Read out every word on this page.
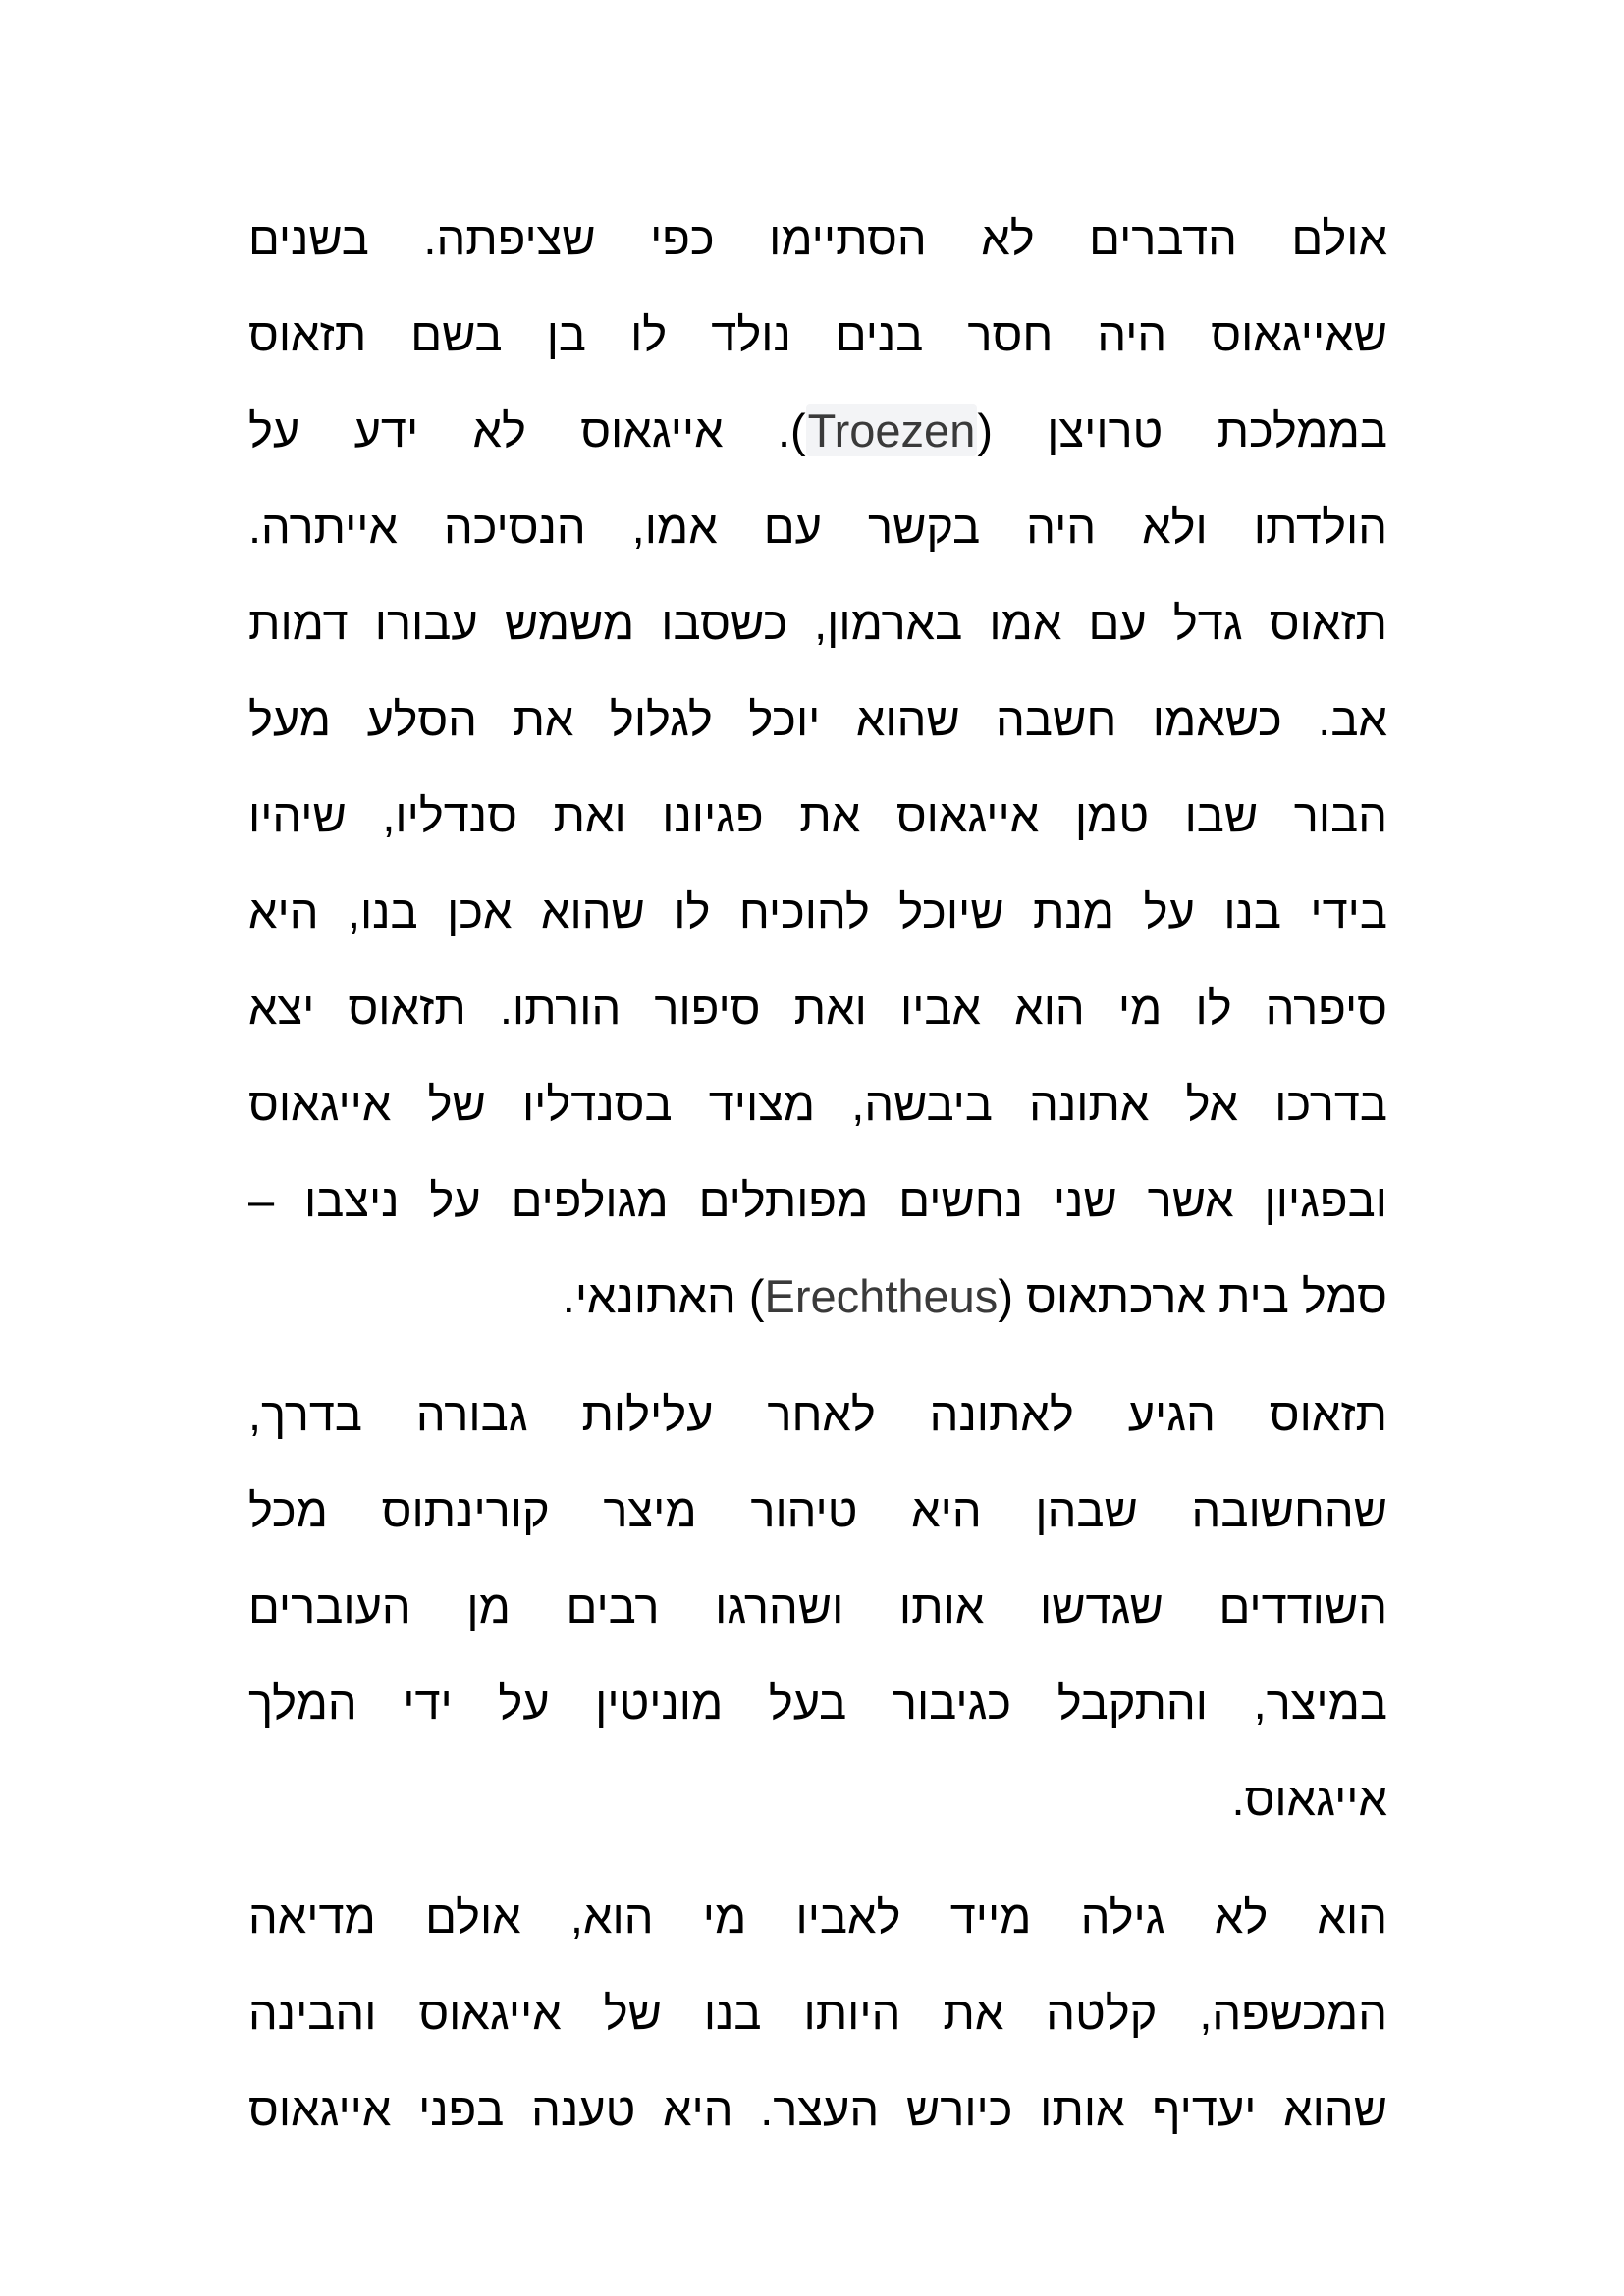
אולם הדברים לא הסתיימו כפי שציפתה. בשנים
שאייגאוס היה חסר בנים נולד לו בן בשם תזאוס
בממלכת טרויצן (Troezen). אייגאוס לא ידע על
הולדתו ולא היה בקשר עם אמו, הנסיכה אייתרה.
תזאוס גדל עם אמו בארמון, כשסבו משמש עבורו דמות
אב. כשאמו חשבה שהוא יוכל לגלול את הסלע מעל
הבור שבו טמן אייגאוס את פגיונו ואת סנדליו, שיהיו
בידי בנו על מנת שיוכל להוכיח לו שהוא אכן בנו, היא
סיפרה לו מי הוא אביו ואת סיפור הורתו. תזאוס יצא
בדרכו אל אתונה ביבשה, מצויד בסנדליו של אייגאוס
ובפגיון אשר שני נחשים מפותלים מגולפים על ניצבו –
סמל בית ארכתאוס (Erechtheus) האתונאי.

תזאוס הגיע לאתונה לאחר עלילות גבורה בדרך,
שהחשובה שבהן היא טיהור מיצר קורינתוס מכל
השודדים שגדשו אותו ושהרגו רבים מן העוברים
במיצר, והתקבל כגיבור בעל מוניטין על ידי המלך
אייגאוס.

הוא לא גילה מייד לאביו מי הוא, אולם מדיאה
המכשפה, קלטה את היותו בנו של אייגאוס והבינה
שהוא יעדיף אותו כיורש העצר. היא טענה בפני אייגאוס
